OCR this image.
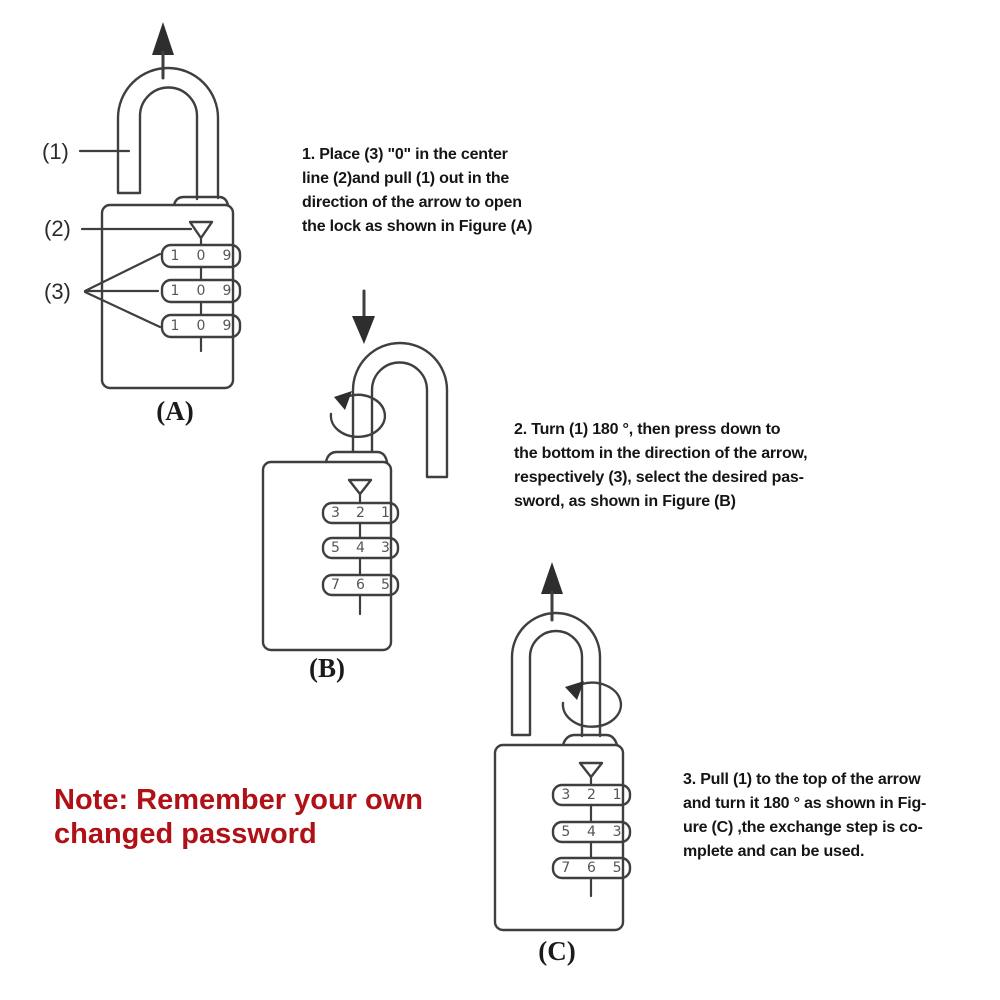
(1)
(2)
(3)
1 0 9
1 0 9
1 0 9
(A)
3 2 1
5 4 3
7 6 5
(B)
3 2 1
5 4 3
7 6 5
(C)
1. Place (3) "0" in the center
line (2)and pull (1) out in the
direction of the arrow to open
the lock as shown in Figure (A)
2. Turn (1) 180 °, then press down to
the bottom in the direction of the arrow,
respectively (3), select the desired pas-
sword, as shown in Figure (B)
3. Pull (1) to the top of the arrow
and turn it 180 ° as shown in Fig-
ure (C) ,the exchange step is co-
mplete and can be used.
Note: Remember your own
changed password
